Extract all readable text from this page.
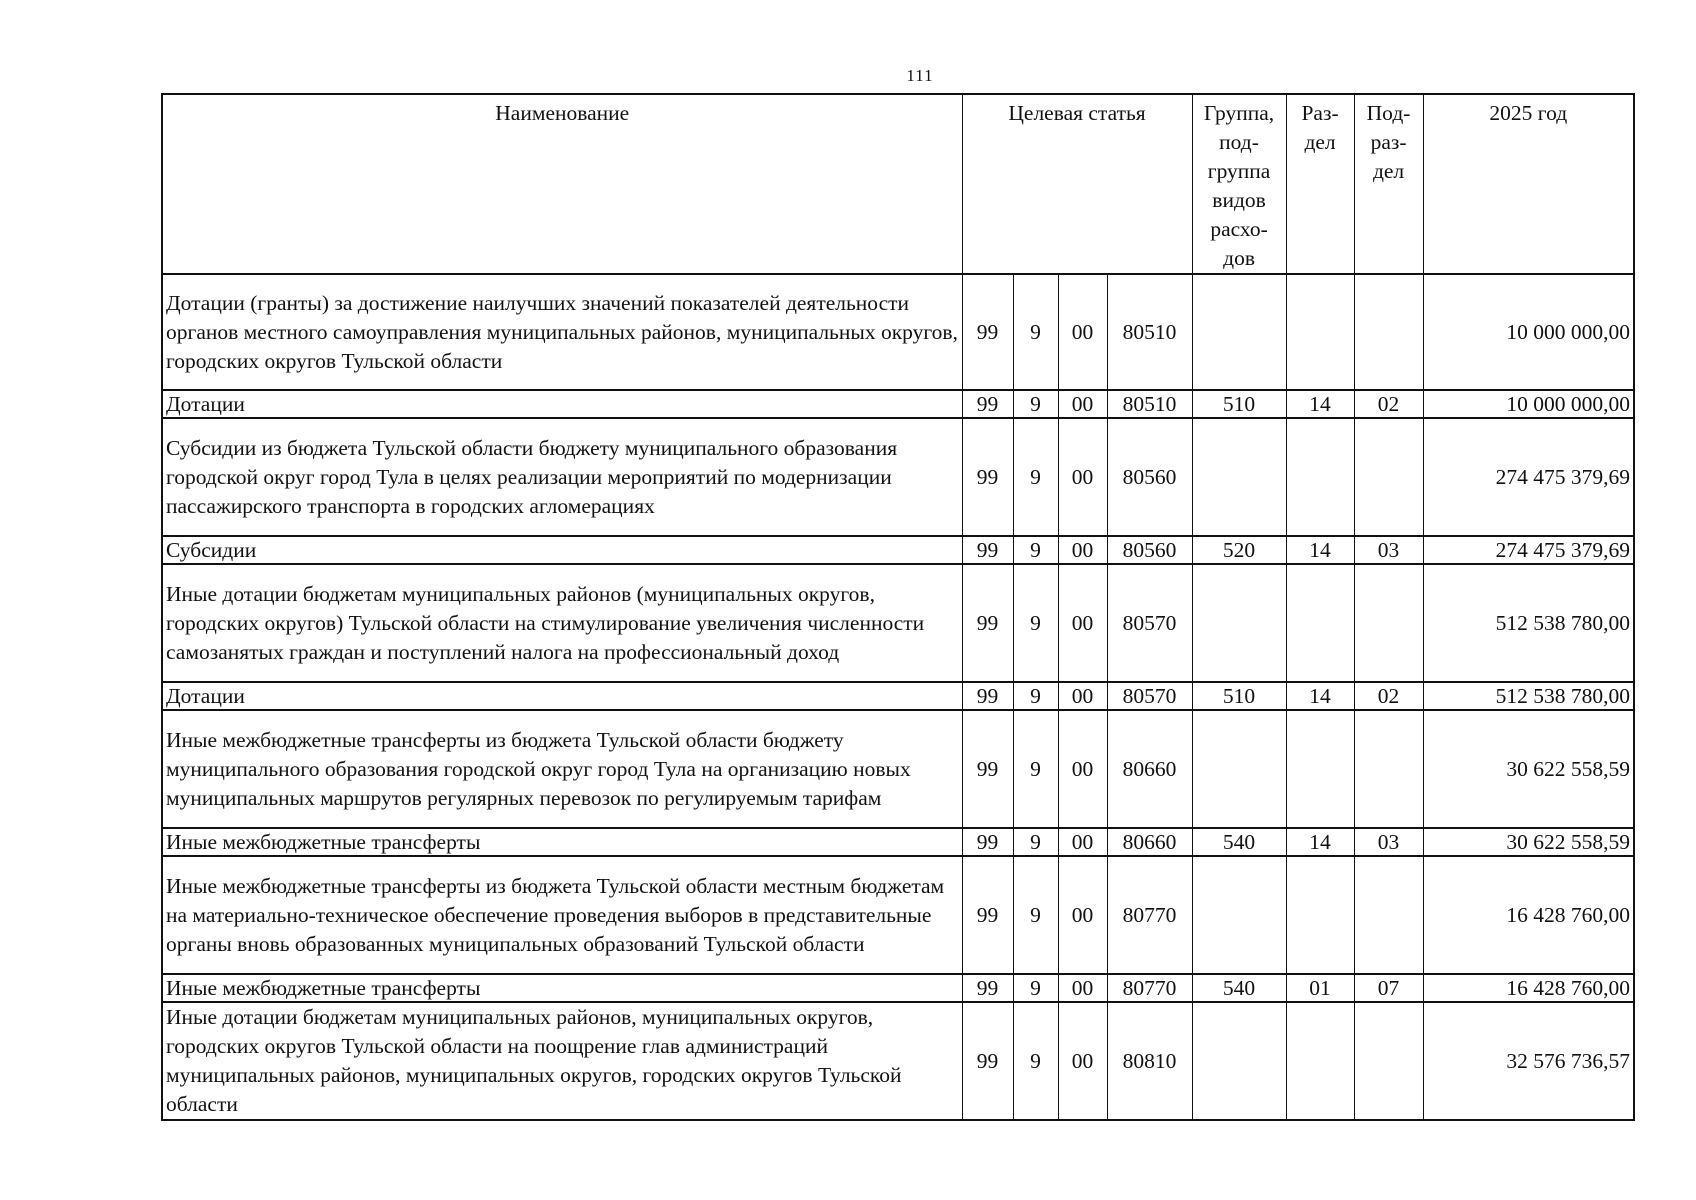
111
Наименование	Целевая статья				Группа, под-группа видов расхо-дов	Раз-дел	Под-раз-дел	2025 год
Дотации (гранты) за достижение наилучших значений показателей деятельности органов местного самоуправления муниципальных районов, муниципальных округов, городских округов Тульской области	99	9	00	80510				10 000 000,00
Дотации	99	9	00	80510	510	14	02	10 000 000,00
Субсидии из бюджета Тульской области бюджету муниципального образования городской округ город Тула в целях реализации мероприятий по модернизации пассажирского транспорта в городских агломерациях	99	9	00	80560				274 475 379,69
Субсидии	99	9	00	80560	520	14	03	274 475 379,69
Иные дотации бюджетам муниципальных районов (муниципальных округов, городских округов) Тульской области на стимулирование увеличения численности самозанятых граждан и поступлений налога на профессиональный доход	99	9	00	80570				512 538 780,00
Дотации	99	9	00	80570	510	14	02	512 538 780,00
Иные межбюджетные трансферты из бюджета Тульской области бюджету муниципального образования городской округ город Тула на организацию новых муниципальных маршрутов регулярных перевозок по регулируемым тарифам	99	9	00	80660				30 622 558,59
Иные межбюджетные трансферты	99	9	00	80660	540	14	03	30 622 558,59
Иные межбюджетные трансферты из бюджета Тульской области местным бюджетам на материально-техническое обеспечение проведения выборов в представительные органы вновь образованных муниципальных образований Тульской области	99	9	00	80770				16 428 760,00
Иные межбюджетные трансферты	99	9	00	80770	540	01	07	16 428 760,00
Иные дотации бюджетам муниципальных районов, муниципальных округов, городских округов Тульской области на поощрение глав администраций муниципальных районов, муниципальных округов, городских округов Тульской области	99	9	00	80810				32 576 736,57
